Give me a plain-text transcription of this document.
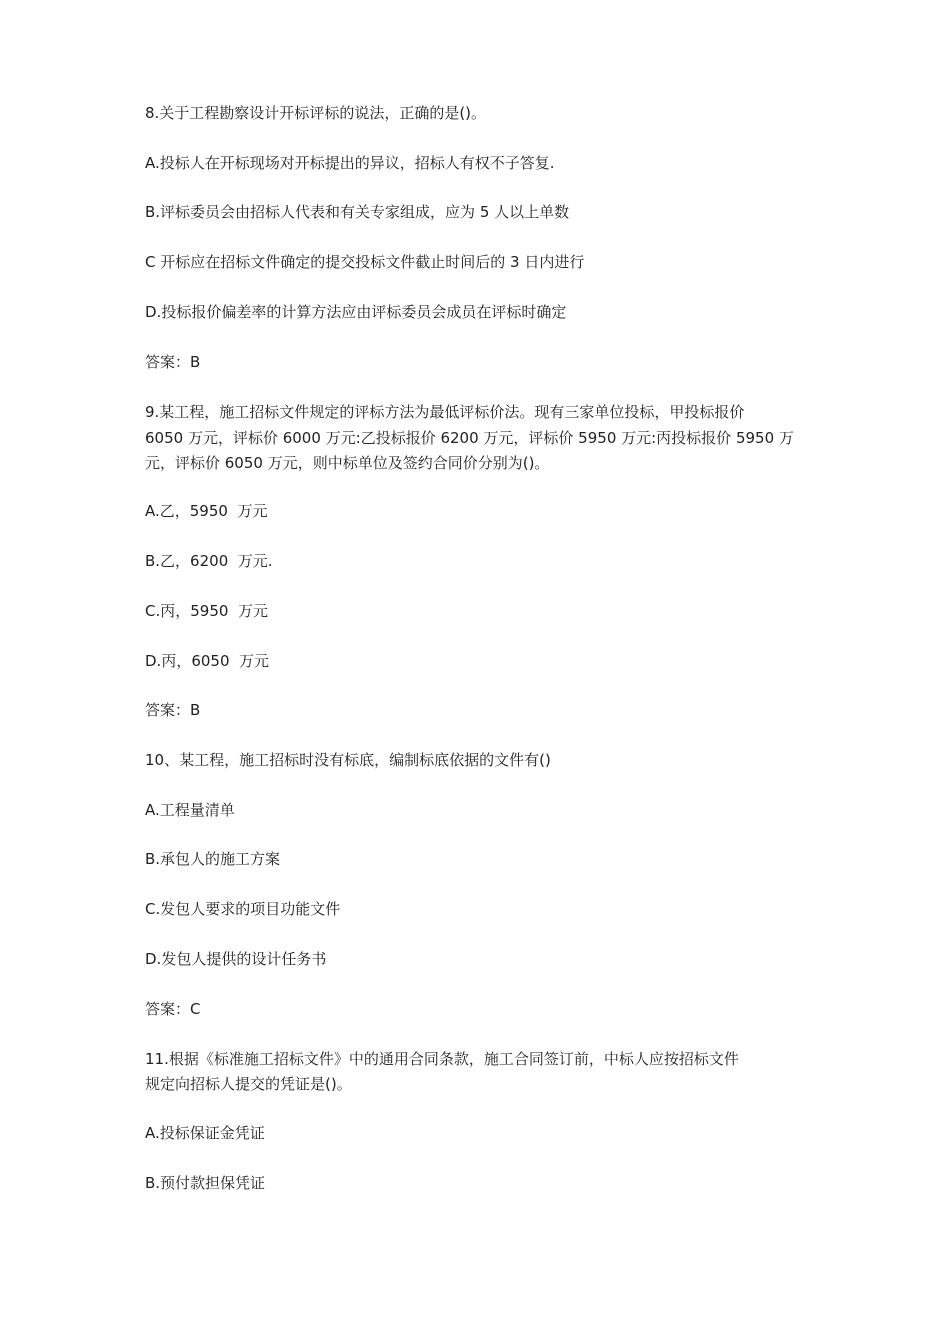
8.关于工程勘察设计开标评标的说法，正确的是()。

A.投标人在开标现场对开标提出的异议，招标人有权不子答复.

B.评标委员会由招标人代表和有关专家组成，应为 5 人以上单数

C 开标应在招标文件确定的提交投标文件截止时间后的 3 日内进行

D.投标报价偏差率的计算方法应由评标委员会成员在评标时确定

答案：B

9.某工程，施工招标文件规定的评标方法为最低评标价法。现有三家单位投标，甲投标报价

6050 万元，评标价 6000 万元:乙投标报价 6200 万元，评标价 5950 万元:丙投标报价 5950 万

元，评标价 6050 万元，则中标单位及签约合同价分别为()。

A.乙，5950  万元

B.乙，6200  万元.

C.丙，5950  万元

D.丙，6050  万元

答案：B

10、某工程，施工招标时没有标底，编制标底依据的文件有()

A.工程量清单

B.承包人的施工方案

C.发包人要求的项目功能文件

D.发包人提供的设计任务书

答案：C

11.根据《标准施工招标文件》中的通用合同条款，施工合同签订前，中标人应按招标文件

规定向招标人提交的凭证是()。

A.投标保证金凭证

B.预付款担保凭证
